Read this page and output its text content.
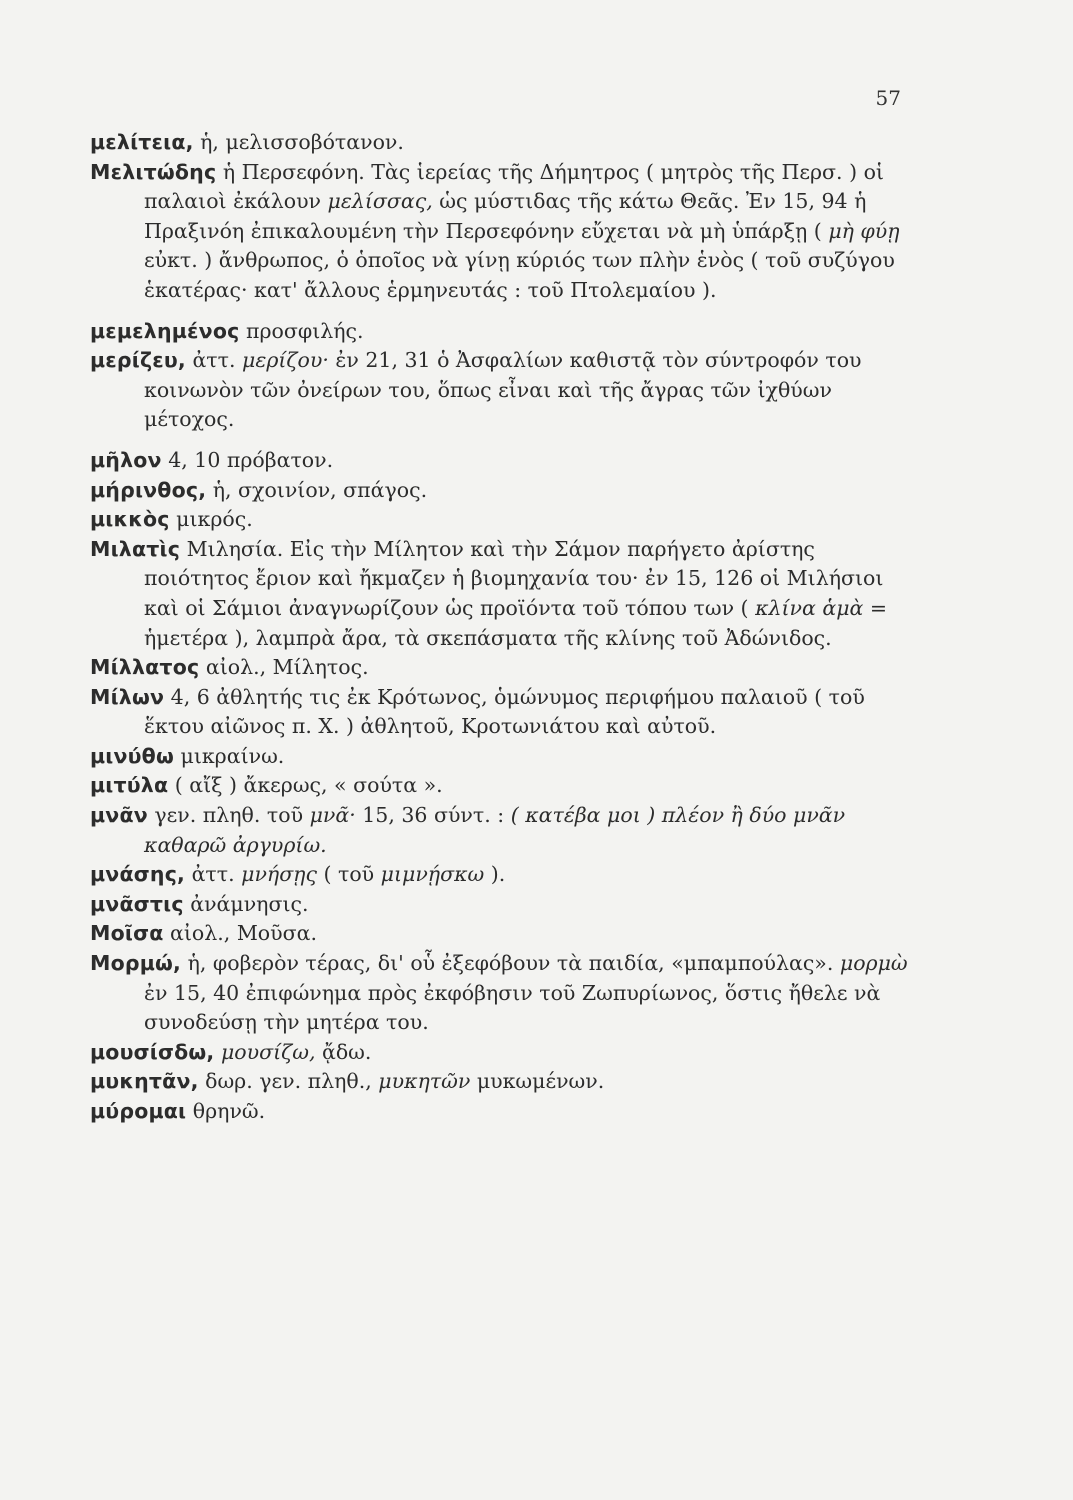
57

μελίτεια, ἡ, μελισσοβότανον.

Μελιτώδης ἡ Περσεφόνη. Τὰς ἱερείας τῆς Δήμητρος ( μητρὸς τῆς Περσ. ) οἱ παλαιοὶ ἐκάλουν μελίσσας, ὡς μύστιδας τῆς κάτω Θεᾶς. Ἐν 15, 94 ἡ Πραξινόη ἐπικαλουμένη τὴν Περσεφόνην εὔχεται νὰ μὴ ὑπάρξῃ ( μὴ φύῃ εὐκτ. ) ἄνθρωπος, ὁ ὁποῖος νὰ γίνῃ κύριός των πλὴν ἑνὸς ( τοῦ συζύγου ἑκατέρας· κατ' ἄλλους ἑρμηνευτάς : τοῦ Πτολεμαίου ).

μεμεληµένος προσφιλής.

μερίζευ, ἀττ. μερίζου· ἐν 21, 31 ὁ Ἀσφαλίων καθιστᾷ τὸν σύντροφόν του κοινωνὸν τῶν ὀνείρων του, ὅπως εἶναι καὶ τῆς ἄγρας τῶν ἰχθύων μέτοχος.

μῆλον 4, 10 πρόβατον.

μήρινθος, ἡ, σχοινίον, σπάγος.

μικκὸς μικρός.

Μιλατὶς Μιλησία. Εἰς τὴν Μίλητον καὶ τὴν Σάμον παρήγετο ἀρίστης ποιότητος ἔριον καὶ ἤκμαζεν ἡ βιομηχανία του· ἐν 15, 126 οἱ Μιλήσιοι καὶ οἱ Σάμιοι ἀναγνωρίζουν ὡς προϊόντα τοῦ τόπου των ( κλίνα ἁμὰ = ἡμετέρα ), λαμπρὰ ἄρα, τὰ σκεπάσματα τῆς κλίνης τοῦ Ἀδώνιδος.

Μίλλατος αἰολ., Μίλητος.

Μίλων 4, 6 ἀθλητής τις ἐκ Κρότωνος, ὁμώνυμος περιφήμου παλαιοῦ ( τοῦ ἕκτου αἰῶνος π. Χ. ) ἀθλητοῦ, Κροτωνιάτου καὶ αὐτοῦ.

μινύθω μικραίνω.

μιτύλα ( αἴξ ) ἄκερως, « σούτα ».

μνᾶν γεν. πληθ. τοῦ μνᾶ· 15, 36 σύντ. : ( κατέβα μοι ) πλέον ἢ δύο μνᾶν καθαρῶ ἀργυρίω.

μνάσης, ἀττ. μνήσῃς ( τοῦ μιμνῄσκω ).

μνᾶστις ἀνάμνησις.

Μοῖσα αἰολ., Μοῦσα.

Μορμώ, ἡ, φοβερὸν τέρας, δι' οὗ ἐξεφόβουν τὰ παιδία, «μπαμπούλας». μορμὼ ἐν 15, 40 ἐπιφώνημα πρὸς ἐκφόβησιν τοῦ Ζωπυρίωνος, ὅστις ἤθελε νὰ συνοδεύσῃ τὴν μητέρα του.

μουσίσδω, μουσίζω, ᾄδω.

μυκητᾶν, δωρ. γεν. πληθ., μυκητῶν μυκωμένων.

μύρομαι θρηνῶ.
